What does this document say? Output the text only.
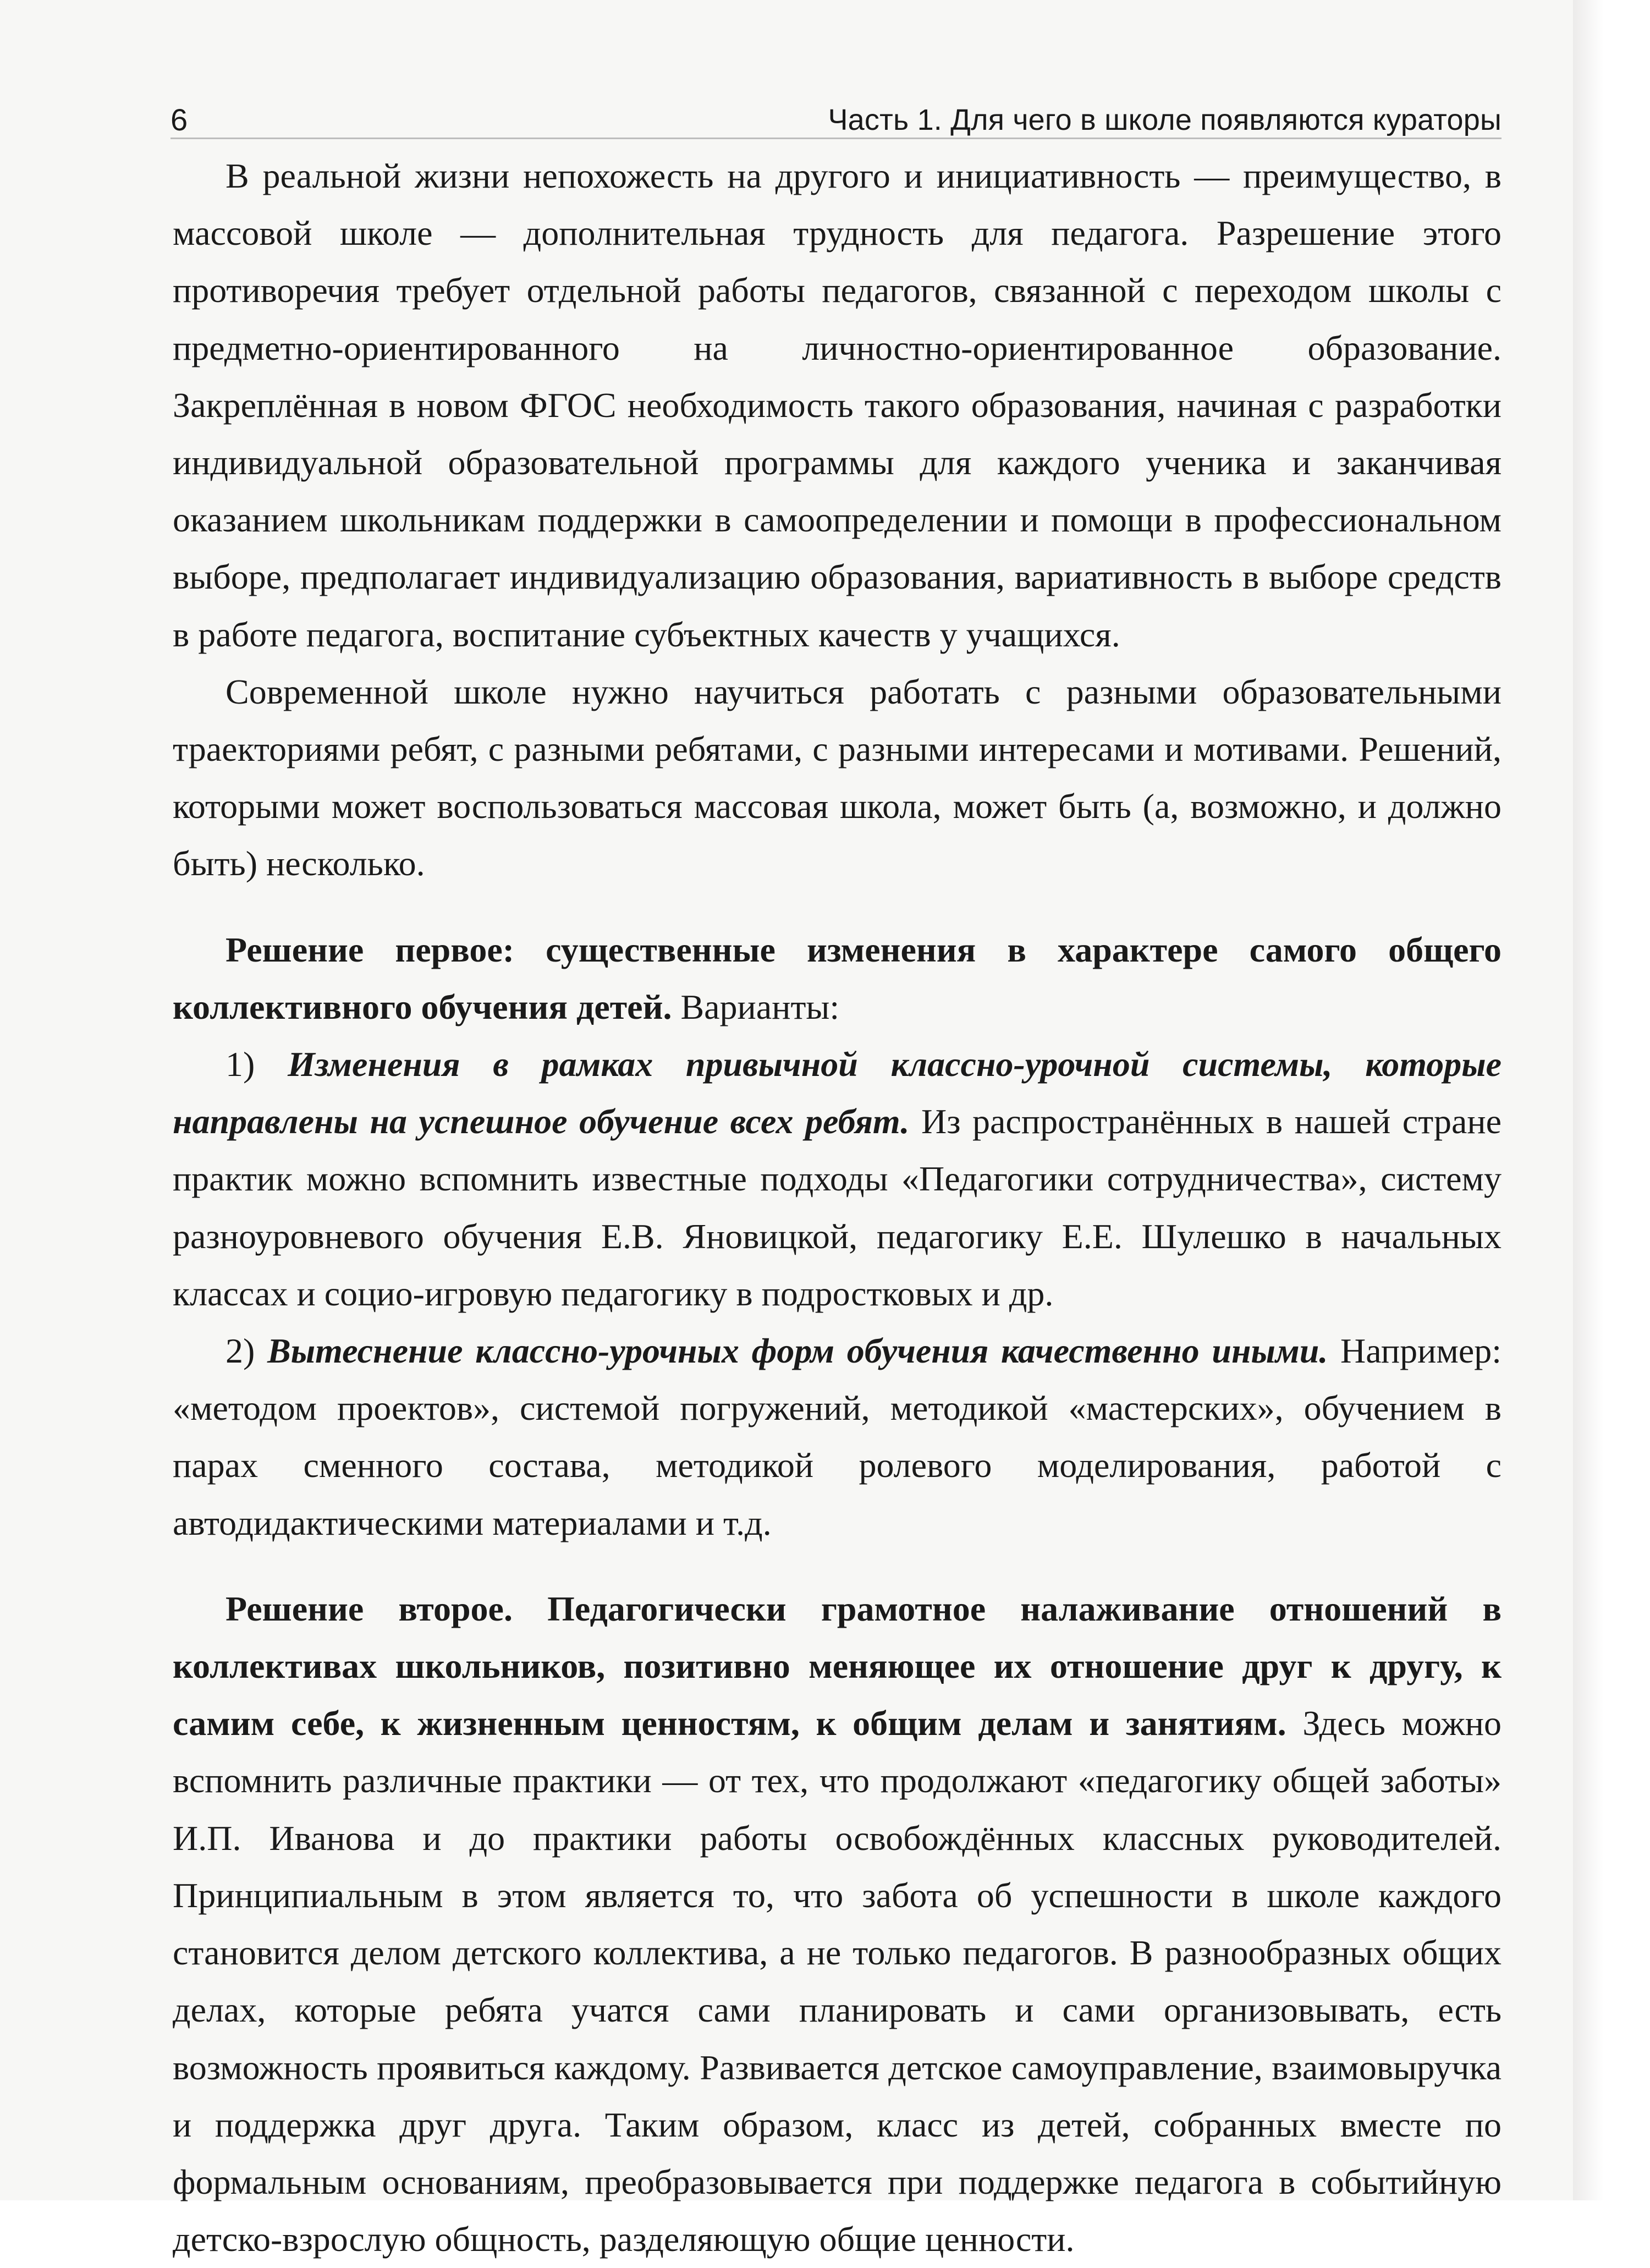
6	Часть 1. Для чего в школе появляются кураторы

В реальной жизни непохожесть на другого и инициативность — преимущество, в массовой школе — дополнительная трудность для педагога. Разрешение этого противоречия требует отдельной работы педагогов, связанной с переходом школы с предметно-ориентированного на личностно-ориентированное образование. Закреплённая в новом ФГОС необходимость такого образования, начиная с разработки индивидуальной образовательной программы для каждого ученика и заканчивая оказанием школьникам поддержки в самоопределении и помощи в профессиональном выборе, предполагает индивидуализацию образования, вариативность в выборе средств в работе педагога, воспитание субъектных качеств у учащихся.

Современной школе нужно научиться работать с разными образовательными траекториями ребят, с разными ребятами, с разными интересами и мотивами. Решений, которыми может воспользоваться массовая школа, может быть (а, возможно, и должно быть) несколько.

Решение первое: существенные изменения в характере самого общего коллективного обучения детей. Варианты:

1) Изменения в рамках привычной классно-урочной системы, которые направлены на успешное обучение всех ребят. Из распространённых в нашей стране практик можно вспомнить известные подходы «Педагогики сотрудничества», систему разноуровневого обучения Е.В. Яновицкой, педагогику Е.Е. Шулешко в начальных классах и социо-игровую педагогику в подростковых и др.

2) Вытеснение классно-урочных форм обучения качественно иными. Например: «методом проектов», системой погружений, методикой «мастерских», обучением в парах сменного состава, методикой ролевого моделирования, работой с автодидактическими материалами и т.д.

Решение второе. Педагогически грамотное налаживание отношений в коллективах школьников, позитивно меняющее их отношение друг к другу, к самим себе, к жизненным ценностям, к общим делам и занятиям. Здесь можно вспомнить различные практики — от тех, что продолжают «педагогику общей заботы» И.П. Иванова и до практики работы освобождённых классных руководителей. Принципиальным в этом является то, что забота об успешности в школе каждого становится делом детского коллектива, а не только педагогов. В разнообразных общих делах, которые ребята учатся сами планировать и сами организовывать, есть возможность проявиться каждому. Развивается детское самоуправление, взаимовыручка и поддержка друг друга. Таким образом, класс из детей, собранных вместе по формальным основаниям, преобразовывается при поддержке педагога в событийную детско-взрослую общность, разделяющую общие ценности.
